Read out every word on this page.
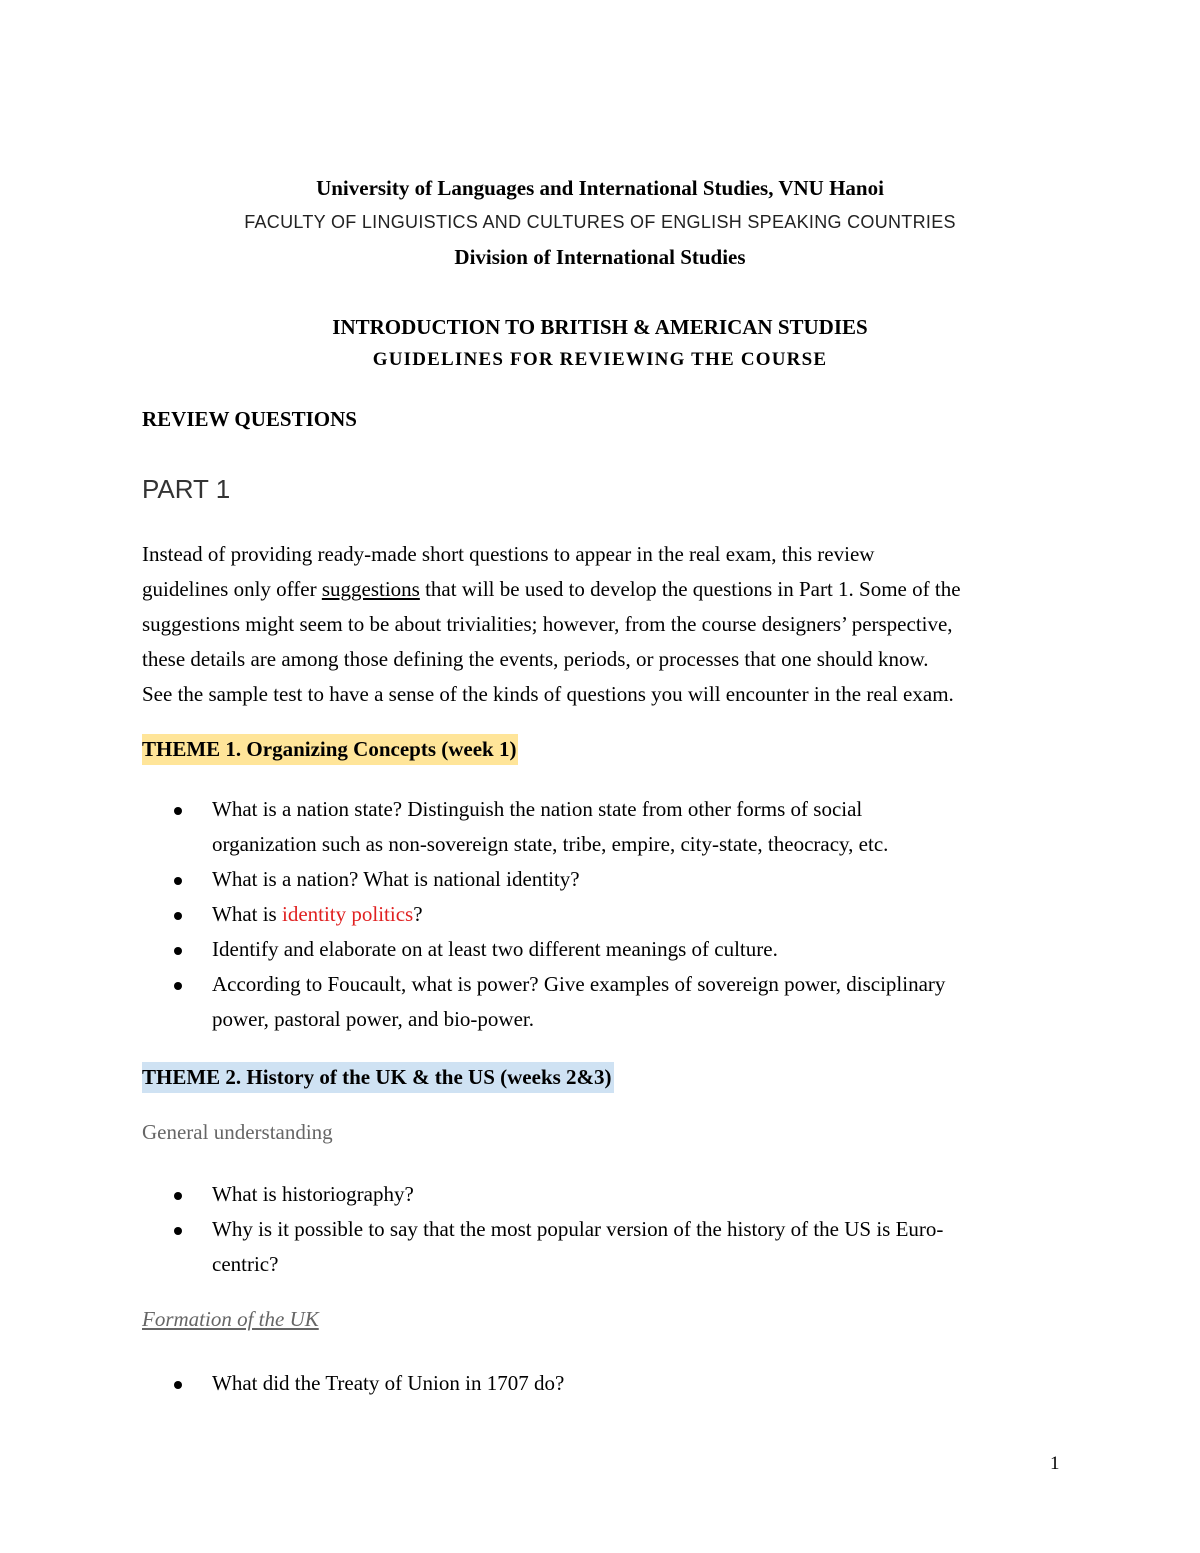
University of Languages and International Studies, VNU Hanoi
FACULTY OF LINGUISTICS AND CULTURES OF ENGLISH SPEAKING COUNTRIES
Division of International Studies
INTRODUCTION TO BRITISH & AMERICAN STUDIES
GUIDELINES FOR REVIEWING THE COURSE
REVIEW QUESTIONS
PART 1
Instead of providing ready-made short questions to appear in the real exam, this review
guidelines only offer suggestions that will be used to develop the questions in Part 1. Some of the
suggestions might seem to be about trivialities; however, from the course designers’ perspective,
these details are among those defining the events, periods, or processes that one should know.
See the sample test to have a sense of the kinds of questions you will encounter in the real exam.
THEME 1. Organizing Concepts (week 1)
What is a nation state? Distinguish the nation state from other forms of social
organization such as non-sovereign state, tribe, empire, city-state, theocracy, etc.
What is a nation? What is national identity?
What is identity politics?
Identify and elaborate on at least two different meanings of culture.
According to Foucault, what is power? Give examples of sovereign power, disciplinary
power, pastoral power, and bio-power.
THEME 2. History of the UK & the US (weeks 2&3)
General understanding
What is historiography?
Why is it possible to say that the most popular version of the history of the US is Euro-
centric?
Formation of the UK
What did the Treaty of Union in 1707 do?
1
